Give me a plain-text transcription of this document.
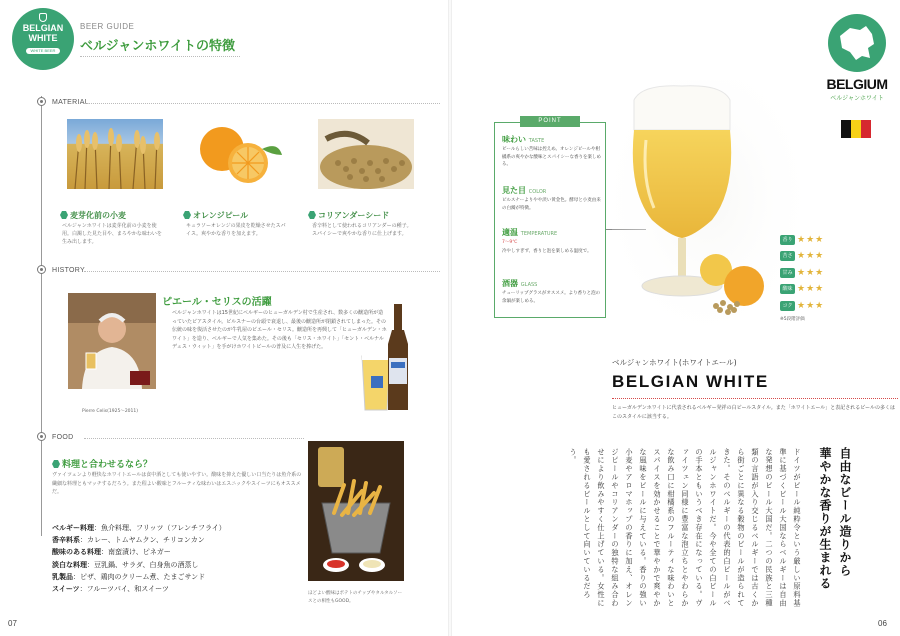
BELGIAN
WHITE
WHITE BEER
BEER GUIDE
ベルジャンホワイトの特徴
MATERIAL
麦芽化前の小麦
ベルジャンホワイトは麦芽化前の小麦を使用。白濁した見た目や、まろやかな味わいを生み出します。
オレンジピール
キュラソーオレンジの果皮を乾燥させたスパイス。爽やかな香りを加えます。
コリアンダーシード
香辛料として使われるコリアンダーの種子。スパイシーで爽やかな香りに仕上げます。
HISTORY
Pierre Celis(1925～2011)
ピエール・セリスの活躍
ベルジャンホワイトは15世紀にベルギーのヒューガルデン村で生産され、数多くの醸造所が造っていたビアスタイル。ピルスナーの台頭で衰退し、最後の醸造所が閉鎖されてしまった。その伝統の味を復活させたのが牛乳屋のピエール・セリス。醸造所を再興して「ヒューガルデン・ホワイト」を造り、ベルギーで人気を集めた。その後も「セリス・ホワイト」「セント・ベルナルデュス・ウィット」を手がけホワイトビールの普及に人生を捧げた。
FOOD
料理と合わせるなら？
ヴァイツェンより軽快なホワイトエールは食中酒としても使いやすい。酸味を抑えた優しい口当たりは魚介系の繊細な料理ともマッチするだろう。また程よい酸味とフルーティな味わいはエスニックやスイーツにもオススメだ。
ベルギー料理：魚介料理、フリッツ（フレンチフライ）
香辛料系：カレー、トムヤムクン、チリコンカン
酸味のある料理：南蛮漬け、ピネガー
淡白な料理：豆乳鍋、サラダ、白身魚の酒蒸し
乳製品：ピザ、鶏肉のクリーム煮、たまごサンド
スイーツ：フルーツパイ、和スイーツ
ほどよい酸味はポテトのチップやタルタルソースとの相性もGOOD。
07
POINT
味わい TASTE
ビールらしい苦味は控えめ。オレンジピールや柑橘系の爽やかな酸味とスパイシーな香りを楽しめる。
見た目 COLOR
ピルスナーよりやや淡い黄金色。酵母と小麦由来の白濁が特徴。
適温 TEMPERATURE
7～9℃
冷やしすぎず、香りと泡を楽しめる温度で。
酒器 GLASS
チューリップグラスがオススメ。より香りと泡の余韻が楽しめる。
香り ★★★
苦さ ★★★
甘み ★★★
酸味 ★★★
コク ★★★
※5段階評価
BELGIUM
ベルジャンホワイト
ベルジャンホワイト(ホワイトエール)
BELGIAN WHITE
ヒューガルデンホワイトに代表されるベルギー発祥の白ビールスタイル。また「ホワイトエール」と表記されるビールの多くはこのスタイルに該当する。
自由なビール造りから
華やかな香りが生まれる
ドイツがビール純粋令という厳しい原料基準に基づくビール大国ならベルギーは自由な発想のビール大国だ。二つの民族と三種類の言語が入り交じるベルギーでは古くから街ごとに異なる穀物のビールが造られてきた。そのベルギーの代表的白ビールがベルジャンホワイトだ。今や全ての白ビールの手本ともいうべき存在になっている。ヴァイツェン同様に豊富な泡立ちとやわらかな飲み口に柑橘系のフルーティな味わいとスパイスを効かせることで華やかで爽やかな風味をビールに与えている。香りの強い小麦やアロマホップの香りに加え、オレンジピールやコリアンダーの独特な組み合わせにより飲みやすく仕上げている。女性にも愛されるビールとして向いているだろう。
06
